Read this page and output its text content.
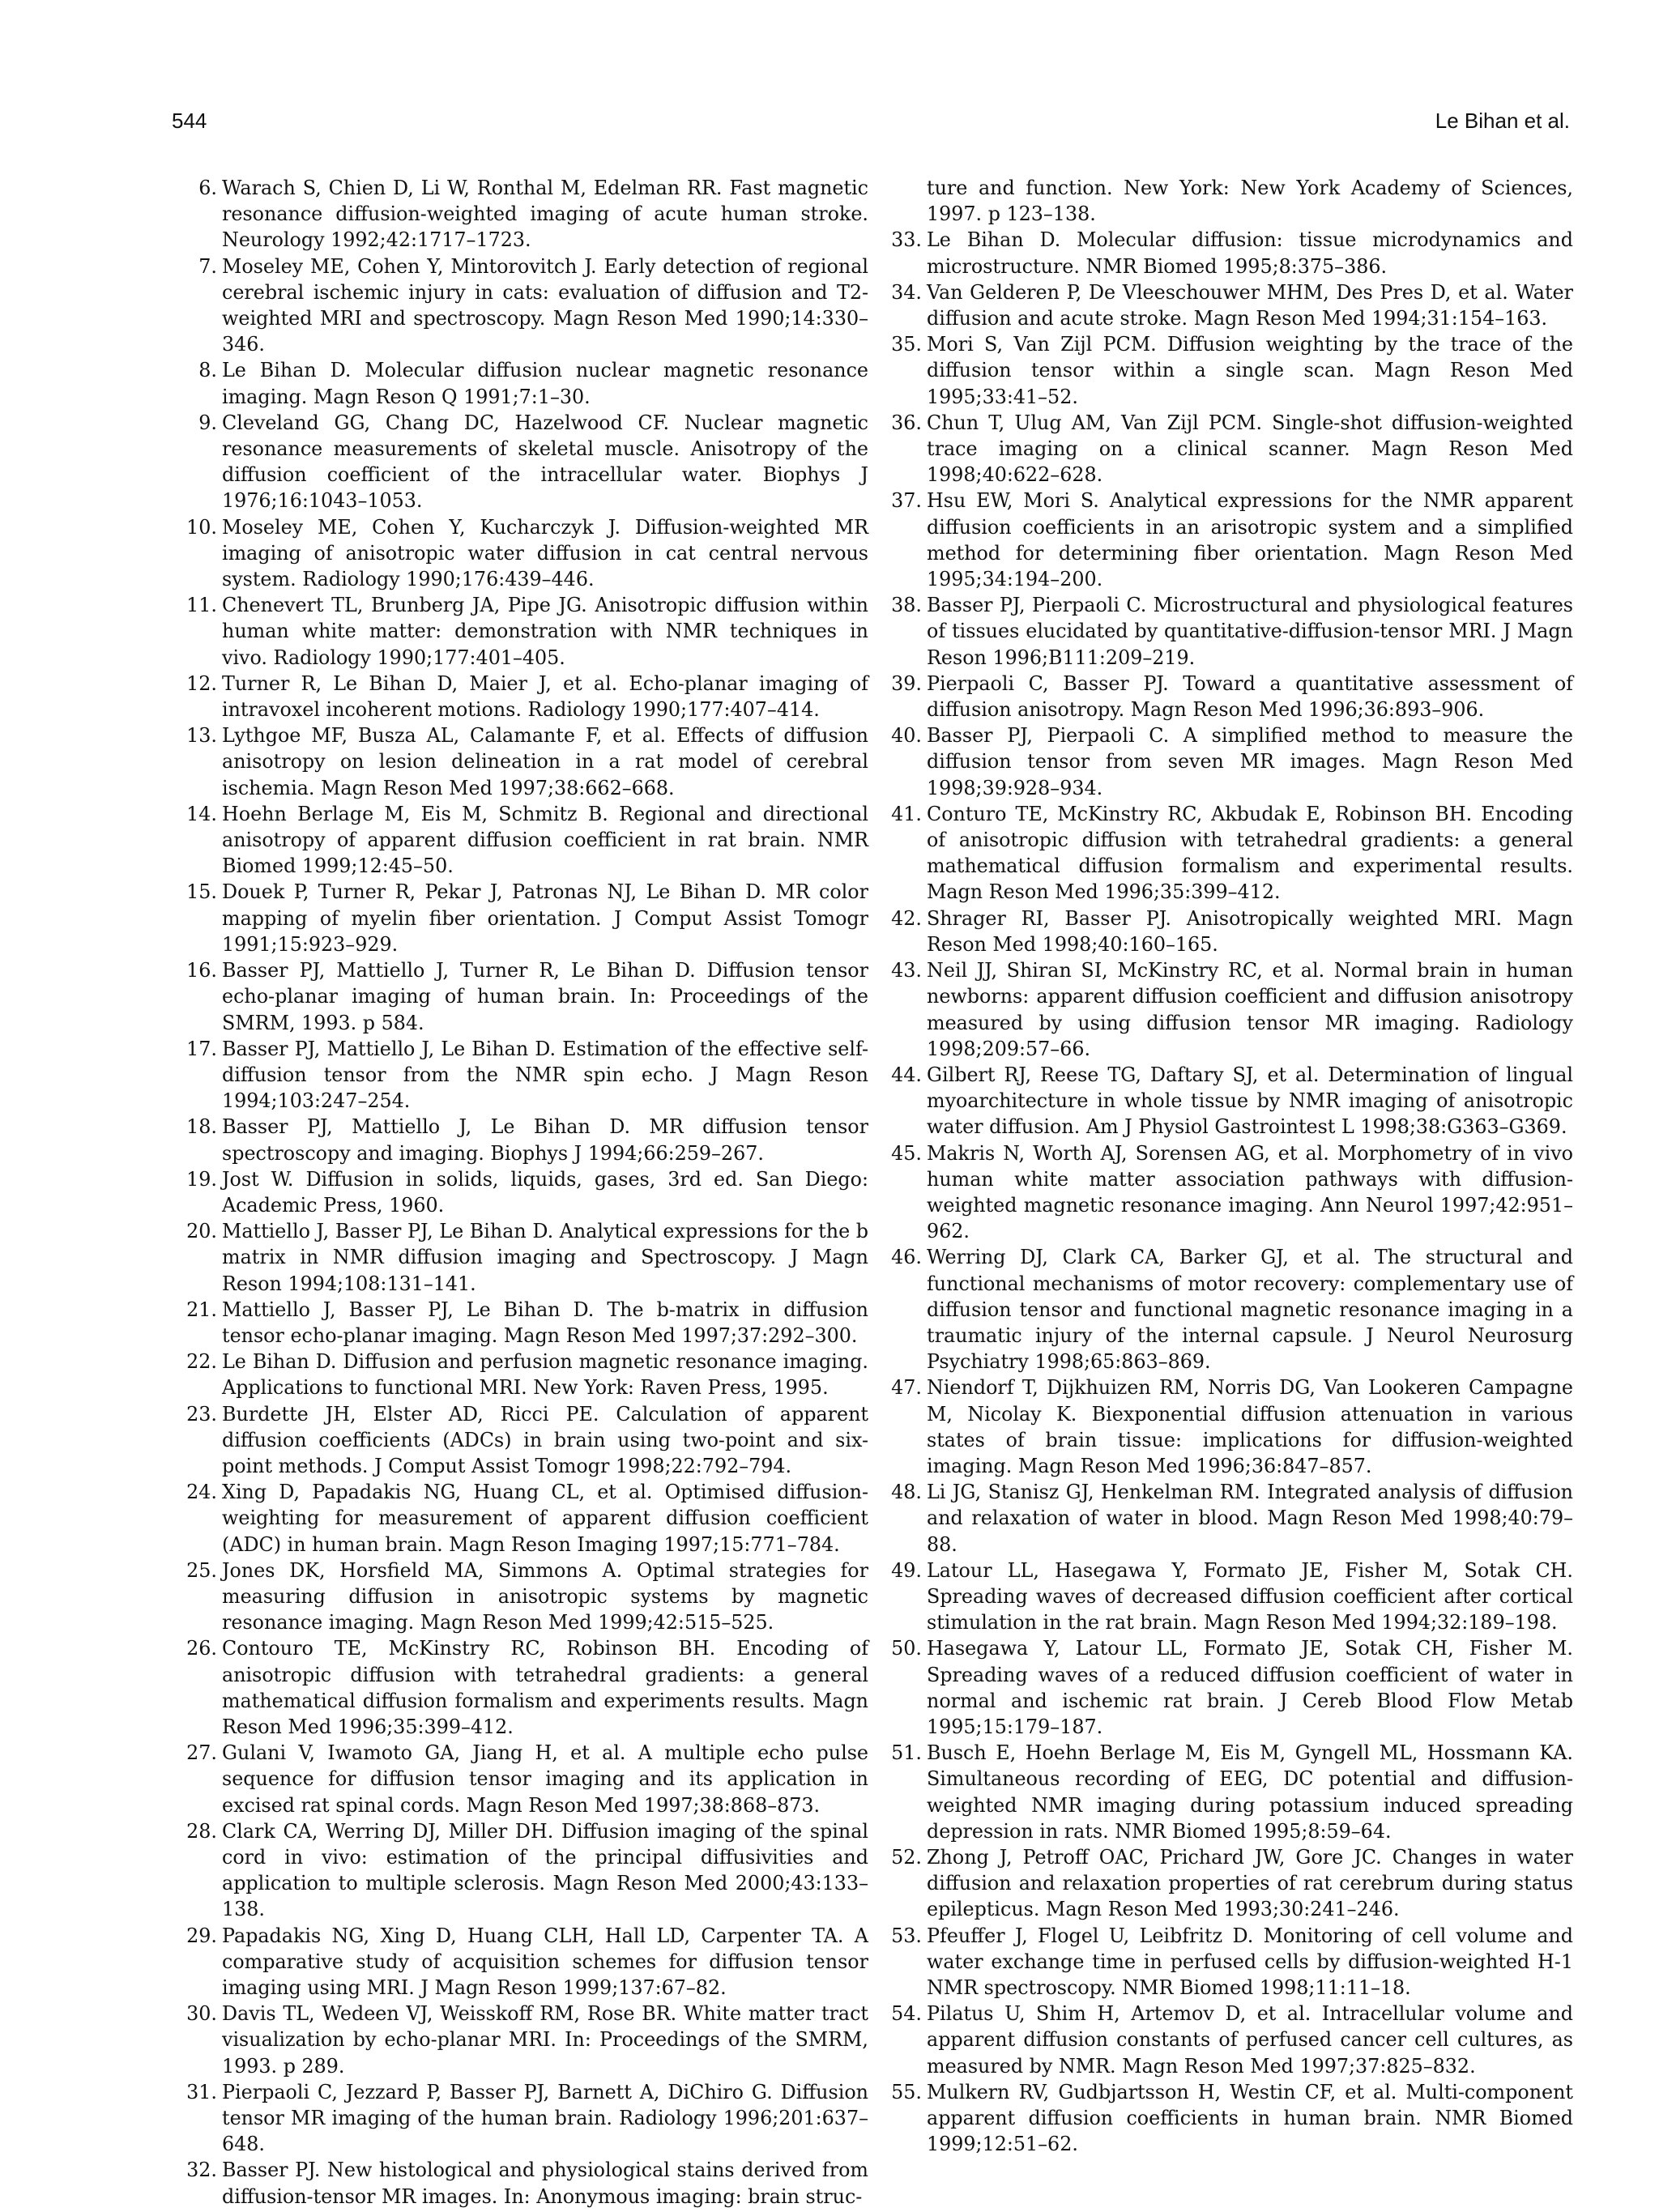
544	Le Bihan et al.
6. Warach S, Chien D, Li W, Ronthal M, Edelman RR. Fast magnetic resonance diffusion-weighted imaging of acute human stroke. Neurology 1992;42:1717–1723.
7. Moseley ME, Cohen Y, Mintorovitch J. Early detection of regional cerebral ischemic injury in cats: evaluation of diffusion and T2-weighted MRI and spectroscopy. Magn Reson Med 1990;14:330–346.
8. Le Bihan D. Molecular diffusion nuclear magnetic resonance imaging. Magn Reson Q 1991;7:1–30.
9. Cleveland GG, Chang DC, Hazelwood CF. Nuclear magnetic resonance measurements of skeletal muscle. Anisotropy of the diffusion coefficient of the intracellular water. Biophys J 1976;16:1043–1053.
10. Moseley ME, Cohen Y, Kucharczyk J. Diffusion-weighted MR imaging of anisotropic water diffusion in cat central nervous system. Radiology 1990;176:439–446.
11. Chenevert TL, Brunberg JA, Pipe JG. Anisotropic diffusion within human white matter: demonstration with NMR techniques in vivo. Radiology 1990;177:401–405.
12. Turner R, Le Bihan D, Maier J, et al. Echo-planar imaging of intravoxel incoherent motions. Radiology 1990;177:407–414.
13. Lythgoe MF, Busza AL, Calamante F, et al. Effects of diffusion anisotropy on lesion delineation in a rat model of cerebral ischemia. Magn Reson Med 1997;38:662–668.
14. Hoehn Berlage M, Eis M, Schmitz B. Regional and directional anisotropy of apparent diffusion coefficient in rat brain. NMR Biomed 1999;12:45–50.
15. Douek P, Turner R, Pekar J, Patronas NJ, Le Bihan D. MR color mapping of myelin fiber orientation. J Comput Assist Tomogr 1991;15:923–929.
16. Basser PJ, Mattiello J, Turner R, Le Bihan D. Diffusion tensor echo-planar imaging of human brain. In: Proceedings of the SMRM, 1993. p 584.
17. Basser PJ, Mattiello J, Le Bihan D. Estimation of the effective self-diffusion tensor from the NMR spin echo. J Magn Reson 1994;103:247–254.
18. Basser PJ, Mattiello J, Le Bihan D. MR diffusion tensor spectroscopy and imaging. Biophys J 1994;66:259–267.
19. Jost W. Diffusion in solids, liquids, gases, 3rd ed. San Diego: Academic Press, 1960.
20. Mattiello J, Basser PJ, Le Bihan D. Analytical expressions for the b matrix in NMR diffusion imaging and Spectroscopy. J Magn Reson 1994;108:131–141.
21. Mattiello J, Basser PJ, Le Bihan D. The b-matrix in diffusion tensor echo-planar imaging. Magn Reson Med 1997;37:292–300.
22. Le Bihan D. Diffusion and perfusion magnetic resonance imaging. Applications to functional MRI. New York: Raven Press, 1995.
23. Burdette JH, Elster AD, Ricci PE. Calculation of apparent diffusion coefficients (ADCs) in brain using two-point and six-point methods. J Comput Assist Tomogr 1998;22:792–794.
24. Xing D, Papadakis NG, Huang CL, et al. Optimised diffusion-weighting for measurement of apparent diffusion coefficient (ADC) in human brain. Magn Reson Imaging 1997;15:771–784.
25. Jones DK, Horsfield MA, Simmons A. Optimal strategies for measuring diffusion in anisotropic systems by magnetic resonance imaging. Magn Reson Med 1999;42:515–525.
26. Contouro TE, McKinstry RC, Robinson BH. Encoding of anisotropic diffusion with tetrahedral gradients: a general mathematical diffusion formalism and experiments results. Magn Reson Med 1996;35:399–412.
27. Gulani V, Iwamoto GA, Jiang H, et al. A multiple echo pulse sequence for diffusion tensor imaging and its application in excised rat spinal cords. Magn Reson Med 1997;38:868–873.
28. Clark CA, Werring DJ, Miller DH. Diffusion imaging of the spinal cord in vivo: estimation of the principal diffusivities and application to multiple sclerosis. Magn Reson Med 2000;43:133–138.
29. Papadakis NG, Xing D, Huang CLH, Hall LD, Carpenter TA. A comparative study of acquisition schemes for diffusion tensor imaging using MRI. J Magn Reson 1999;137:67–82.
30. Davis TL, Wedeen VJ, Weisskoff RM, Rose BR. White matter tract visualization by echo-planar MRI. In: Proceedings of the SMRM, 1993. p 289.
31. Pierpaoli C, Jezzard P, Basser PJ, Barnett A, DiChiro G. Diffusion tensor MR imaging of the human brain. Radiology 1996;201:637–648.
32. Basser PJ. New histological and physiological stains derived from diffusion-tensor MR images. In: Anonymous imaging: brain struc-
ture and function. New York: New York Academy of Sciences, 1997. p 123–138.
33. Le Bihan D. Molecular diffusion: tissue microdynamics and microstructure. NMR Biomed 1995;8:375–386.
34. Van Gelderen P, De Vleeschouwer MHM, Des Pres D, et al. Water diffusion and acute stroke. Magn Reson Med 1994;31:154–163.
35. Mori S, Van Zijl PCM. Diffusion weighting by the trace of the diffusion tensor within a single scan. Magn Reson Med 1995;33:41–52.
36. Chun T, Ulug AM, Van Zijl PCM. Single-shot diffusion-weighted trace imaging on a clinical scanner. Magn Reson Med 1998;40:622–628.
37. Hsu EW, Mori S. Analytical expressions for the NMR apparent diffusion coefficients in an arisotropic system and a simplified method for determining fiber orientation. Magn Reson Med 1995;34:194–200.
38. Basser PJ, Pierpaoli C. Microstructural and physiological features of tissues elucidated by quantitative-diffusion-tensor MRI. J Magn Reson 1996;B111:209–219.
39. Pierpaoli C, Basser PJ. Toward a quantitative assessment of diffusion anisotropy. Magn Reson Med 1996;36:893–906.
40. Basser PJ, Pierpaoli C. A simplified method to measure the diffusion tensor from seven MR images. Magn Reson Med 1998;39:928–934.
41. Conturo TE, McKinstry RC, Akbudak E, Robinson BH. Encoding of anisotropic diffusion with tetrahedral gradients: a general mathematical diffusion formalism and experimental results. Magn Reson Med 1996;35:399–412.
42. Shrager RI, Basser PJ. Anisotropically weighted MRI. Magn Reson Med 1998;40:160–165.
43. Neil JJ, Shiran SI, McKinstry RC, et al. Normal brain in human newborns: apparent diffusion coefficient and diffusion anisotropy measured by using diffusion tensor MR imaging. Radiology 1998;209:57–66.
44. Gilbert RJ, Reese TG, Daftary SJ, et al. Determination of lingual myoarchitecture in whole tissue by NMR imaging of anisotropic water diffusion. Am J Physiol Gastrointest L 1998;38:G363–G369.
45. Makris N, Worth AJ, Sorensen AG, et al. Morphometry of in vivo human white matter association pathways with diffusion-weighted magnetic resonance imaging. Ann Neurol 1997;42:951–962.
46. Werring DJ, Clark CA, Barker GJ, et al. The structural and functional mechanisms of motor recovery: complementary use of diffusion tensor and functional magnetic resonance imaging in a traumatic injury of the internal capsule. J Neurol Neurosurg Psychiatry 1998;65:863–869.
47. Niendorf T, Dijkhuizen RM, Norris DG, Van Lookeren Campagne M, Nicolay K. Biexponential diffusion attenuation in various states of brain tissue: implications for diffusion-weighted imaging. Magn Reson Med 1996;36:847–857.
48. Li JG, Stanisz GJ, Henkelman RM. Integrated analysis of diffusion and relaxation of water in blood. Magn Reson Med 1998;40:79–88.
49. Latour LL, Hasegawa Y, Formato JE, Fisher M, Sotak CH. Spreading waves of decreased diffusion coefficient after cortical stimulation in the rat brain. Magn Reson Med 1994;32:189–198.
50. Hasegawa Y, Latour LL, Formato JE, Sotak CH, Fisher M. Spreading waves of a reduced diffusion coefficient of water in normal and ischemic rat brain. J Cereb Blood Flow Metab 1995;15:179–187.
51. Busch E, Hoehn Berlage M, Eis M, Gyngell ML, Hossmann KA. Simultaneous recording of EEG, DC potential and diffusion-weighted NMR imaging during potassium induced spreading depression in rats. NMR Biomed 1995;8:59–64.
52. Zhong J, Petroff OAC, Prichard JW, Gore JC. Changes in water diffusion and relaxation properties of rat cerebrum during status epilepticus. Magn Reson Med 1993;30:241–246.
53. Pfeuffer J, Flogel U, Leibfritz D. Monitoring of cell volume and water exchange time in perfused cells by diffusion-weighted H-1 NMR spectroscopy. NMR Biomed 1998;11:11–18.
54. Pilatus U, Shim H, Artemov D, et al. Intracellular volume and apparent diffusion constants of perfused cancer cell cultures, as measured by NMR. Magn Reson Med 1997;37:825–832.
55. Mulkern RV, Gudbjartsson H, Westin CF, et al. Multi-component apparent diffusion coefficients in human brain. NMR Biomed 1999;12:51–62.
